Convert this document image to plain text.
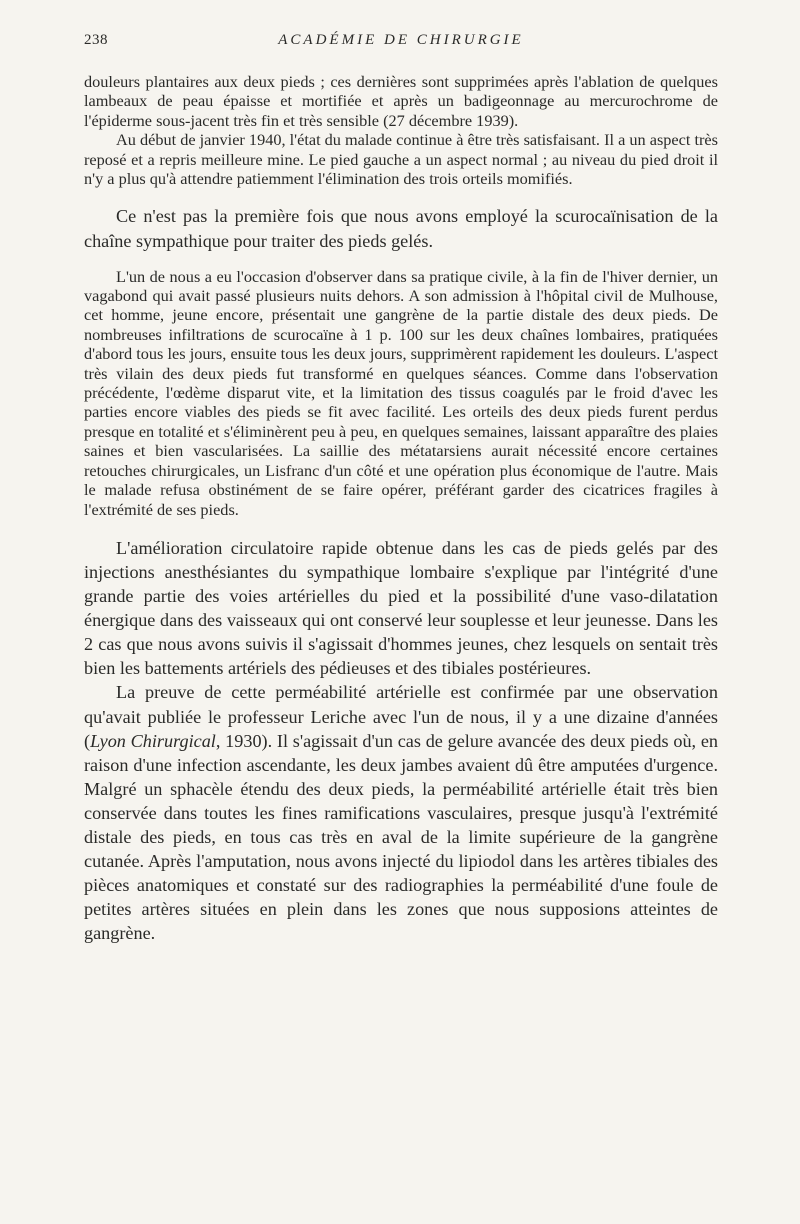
238	ACADÉMIE DE CHIRURGIE

douleurs plantaires aux deux pieds ; ces dernières sont supprimées après l'ablation de quelques lambeaux de peau épaisse et mortifiée et après un badigeonnage au mercurochrome de l'épiderme sous-jacent très fin et très sensible (27 décembre 1939).

Au début de janvier 1940, l'état du malade continue à être très satisfaisant. Il a un aspect très reposé et a repris meilleure mine. Le pied gauche a un aspect normal ; au niveau du pied droit il n'y a plus qu'à attendre patiemment l'élimination des trois orteils momifiés.

Ce n'est pas la première fois que nous avons employé la scurocaïnisation de la chaîne sympathique pour traiter des pieds gelés.

L'un de nous a eu l'occasion d'observer dans sa pratique civile, à la fin de l'hiver dernier, un vagabond qui avait passé plusieurs nuits dehors. A son admission à l'hôpital civil de Mulhouse, cet homme, jeune encore, présentait une gangrène de la partie distale des deux pieds. De nombreuses infiltrations de scurocaïne à 1 p. 100 sur les deux chaînes lombaires, pratiquées d'abord tous les jours, ensuite tous les deux jours, supprimèrent rapidement les douleurs. L'aspect très vilain des deux pieds fut transformé en quelques séances. Comme dans l'observation précédente, l'œdème disparut vite, et la limitation des tissus coagulés par le froid d'avec les parties encore viables des pieds se fit avec facilité. Les orteils des deux pieds furent perdus presque en totalité et s'éliminèrent peu à peu, en quelques semaines, laissant apparaître des plaies saines et bien vascularisées. La saillie des métatarsiens aurait nécessité encore certaines retouches chirurgicales, un Lisfranc d'un côté et une opération plus économique de l'autre. Mais le malade refusa obstinément de se faire opérer, préférant garder des cicatrices fragiles à l'extrémité de ses pieds.

L'amélioration circulatoire rapide obtenue dans les cas de pieds gelés par des injections anesthésiantes du sympathique lombaire s'explique par l'intégrité d'une grande partie des voies artérielles du pied et la possibilité d'une vaso-dilatation énergique dans des vaisseaux qui ont conservé leur souplesse et leur jeunesse. Dans les 2 cas que nous avons suivis il s'agissait d'hommes jeunes, chez lesquels on sentait très bien les battements artériels des pédieuses et des tibiales postérieures.

La preuve de cette perméabilité artérielle est confirmée par une observation qu'avait publiée le professeur Leriche avec l'un de nous, il y a une dizaine d'années (Lyon Chirurgical, 1930). Il s'agissait d'un cas de gelure avancée des deux pieds où, en raison d'une infection ascendante, les deux jambes avaient dû être amputées d'urgence. Malgré un sphacèle étendu des deux pieds, la perméabilité artérielle était très bien conservée dans toutes les fines ramifications vasculaires, presque jusqu'à l'extrémité distale des pieds, en tous cas très en aval de la limite supérieure de la gangrène cutanée. Après l'amputation, nous avons injecté du lipiodol dans les artères tibiales des pièces anatomiques et constaté sur des radiographies la perméabilité d'une foule de petites artères situées en plein dans les zones que nous supposions atteintes de gangrène.
